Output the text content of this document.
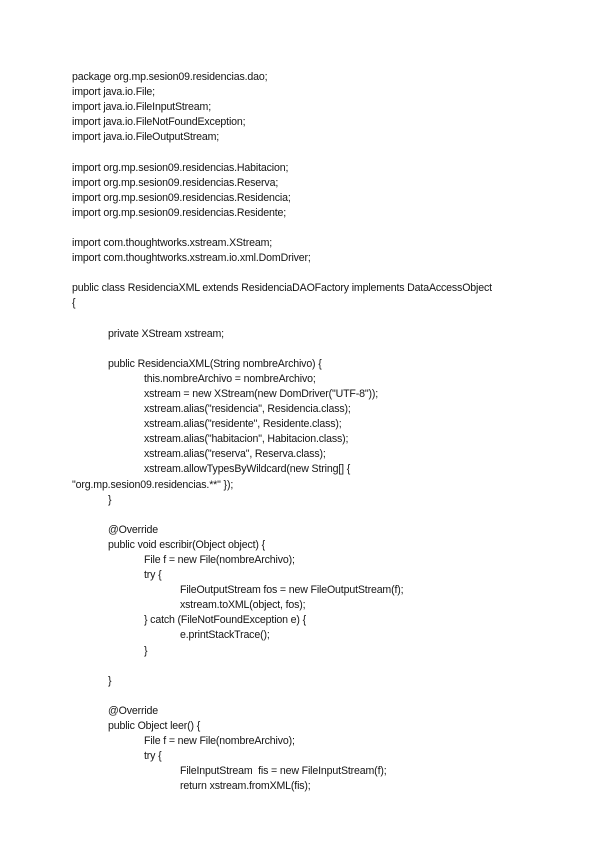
package org.mp.sesion09.residencias.dao;
import java.io.File;
import java.io.FileInputStream;
import java.io.FileNotFoundException;
import java.io.FileOutputStream;
import org.mp.sesion09.residencias.Habitacion;
import org.mp.sesion09.residencias.Reserva;
import org.mp.sesion09.residencias.Residencia;
import org.mp.sesion09.residencias.Residente;
import com.thoughtworks.xstream.XStream;
import com.thoughtworks.xstream.io.xml.DomDriver;
public class ResidenciaXML extends ResidenciaDAOFactory implements DataAccessObject
{
private XStream xstream;
public ResidenciaXML(String nombreArchivo) {
this.nombreArchivo = nombreArchivo;
xstream = new XStream(new DomDriver("UTF-8"));
xstream.alias("residencia", Residencia.class);
xstream.alias("residente", Residente.class);
xstream.alias("habitacion", Habitacion.class);
xstream.alias("reserva", Reserva.class);
xstream.allowTypesByWildcard(new String[] {
"org.mp.sesion09.residencias.**" });
}
@Override
public void escribir(Object object) {
File f = new File(nombreArchivo);
try {
FileOutputStream fos = new FileOutputStream(f);
xstream.toXML(object, fos);
} catch (FileNotFoundException e) {
e.printStackTrace();
}
}
@Override
public Object leer() {
File f = new File(nombreArchivo);
try {
FileInputStream  fis = new FileInputStream(f);
return xstream.fromXML(fis);
